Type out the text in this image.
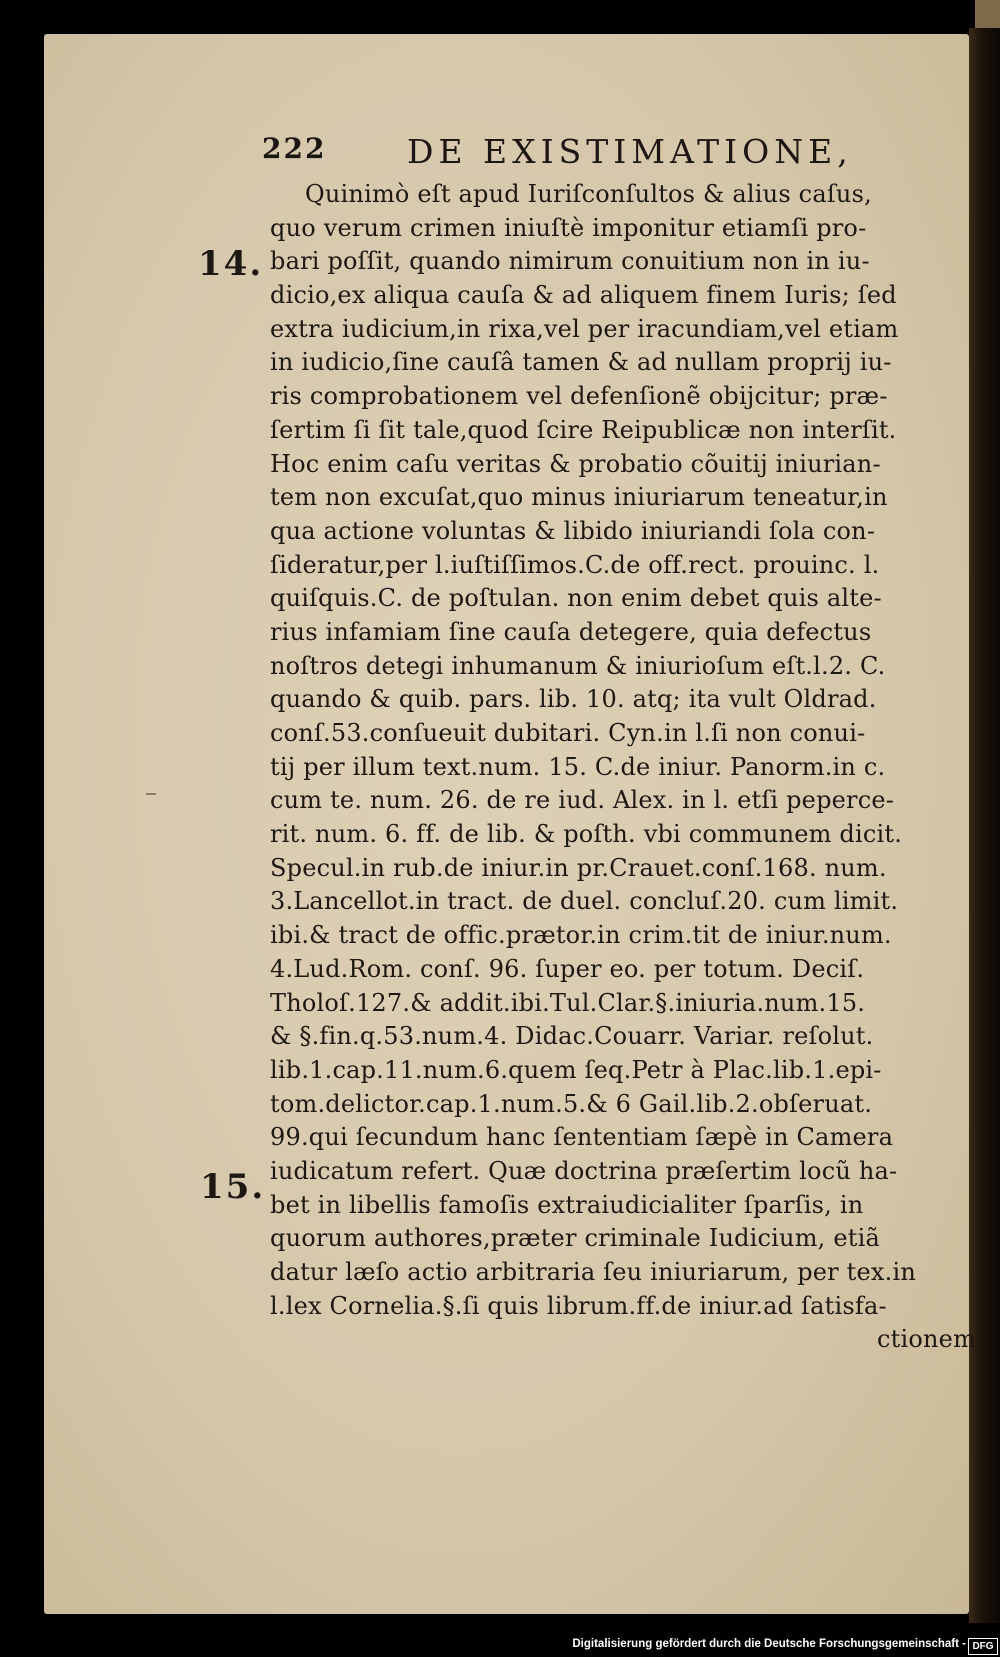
222 DE EXISTIMATIONE,
14.
15.
Quinimò eſt apud Iuriſconſultos & alius caſus,
quo verum crimen iniuſtè imponitur etiamſi pro-
bari poſſit, quando nimirum conuitium non in iu-
dicio,ex aliqua cauſa & ad aliquem finem Iuris; ſed
extra iudicium,in rixa,vel per iracundiam,vel etiam
in iudicio,ſine cauſâ tamen & ad nullam proprij iu-
ris comprobationem vel defenſionẽ obijcitur; præ-
ſertim ſi ſit tale,quod ſcire Reipublicæ non interſit.
Hoc enim caſu veritas & probatio cõuitij iniurian-
tem non excuſat,quo minus iniuriarum teneatur,in
qua actione voluntas & libido iniuriandi ſola con-
ſideratur,per l.iuſtiſſimos.C.de off.rect. prouinc. l.
quiſquis.C. de poſtulan. non enim debet quis alte-
rius infamiam ſine cauſa detegere, quia defectus
noſtros detegi inhumanum & iniurioſum eſt.l.2. C.
quando & quib. pars. lib. 10. atq; ita vult Oldrad.
conſ.53.conſueuit dubitari. Cyn.in l.ſi non conui-
tij per illum text.num. 15. C.de iniur. Panorm.in c.
cum te. num. 26. de re iud. Alex. in l. etſi peperce-
rit. num. 6. ff. de lib. & poſth. vbi communem dicit.
Specul.in rub.de iniur.in pr.Crauet.conſ.168. num.
3.Lancellot.in tract. de duel. concluſ.20. cum limit.
ibi.& tract de offic.prætor.in crim.tit de iniur.num.
4.Lud.Rom. conſ. 96. ſuper eo. per totum. Deciſ.
Tholoſ.127.& addit.ibi.Tul.Clar.§.iniuria.num.15.
& §.fin.q.53.num.4. Didac.Couarr. Variar. reſolut.
lib.1.cap.11.num.6.quem ſeq.Petr à Plac.lib.1.epi-
tom.delictor.cap.1.num.5.& 6 Gail.lib.2.obſeruat.
99.qui ſecundum hanc ſententiam ſæpè in Camera
iudicatum refert. Quæ doctrina præſertim locũ ha-
bet in libellis famoſis extraiudicialiter ſparſis, in
quorum authores,præter criminale Iudicium, etiã
datur læſo actio arbitraria ſeu iniuriarum, per tex.in
l.lex Cornelia.§.ſi quis librum.ff.de iniur.ad ſatisfa-
ctionem
Digitalisierung gefördert durch die Deutsche Forschungsgemeinschaft - DFG
